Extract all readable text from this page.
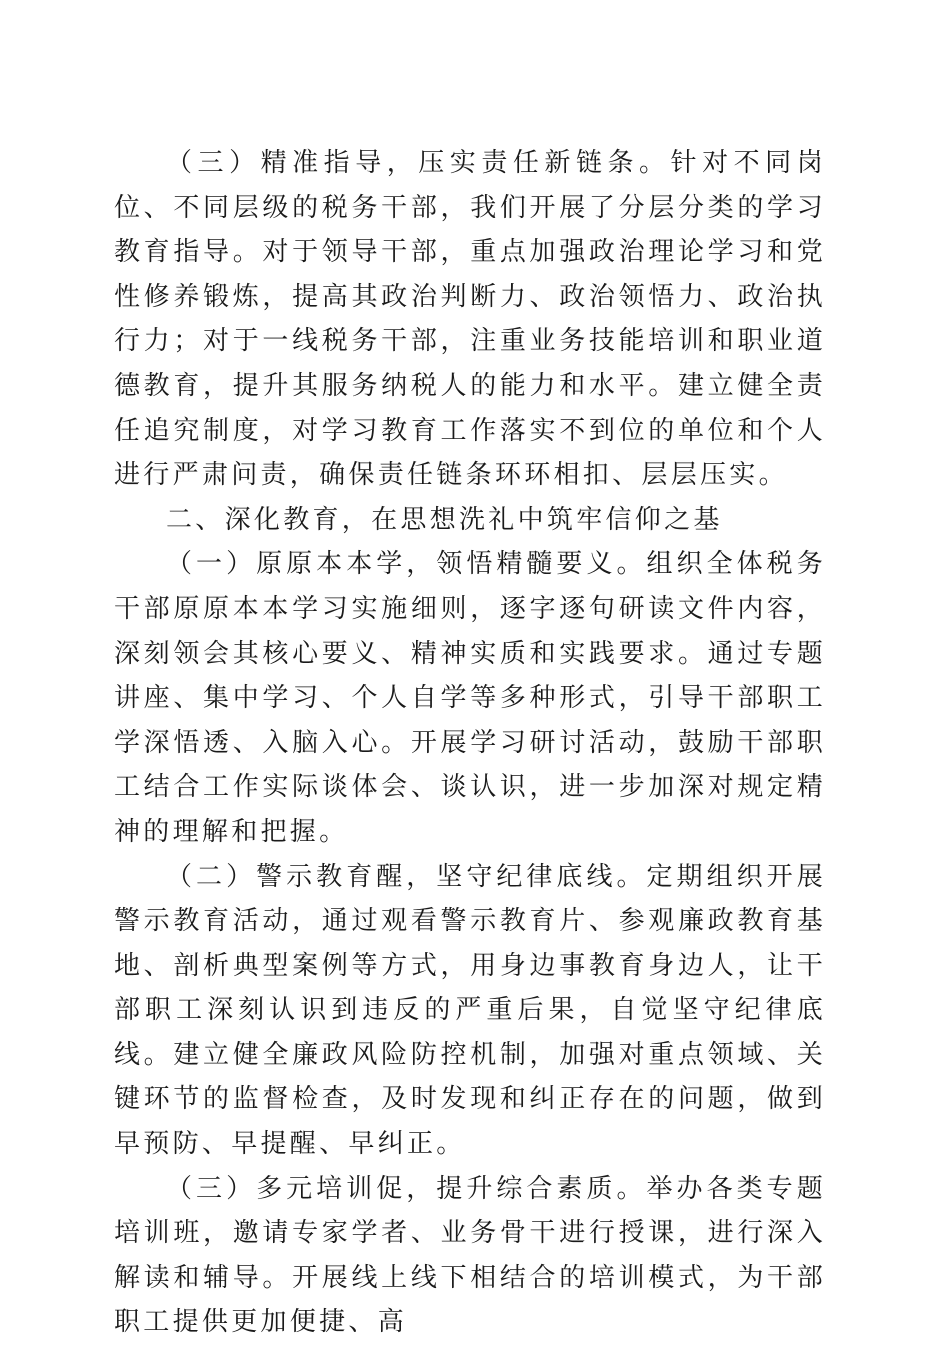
（三）精准指导，压实责任新链条。针对不同岗位、不同层级的税务干部，我们开展了分层分类的学习教育指导。对于领导干部，重点加强政治理论学习和党性修养锻炼，提高其政治判断力、政治领悟力、政治执行力；对于一线税务干部，注重业务技能培训和职业道德教育，提升其服务纳税人的能力和水平。建立健全责任追究制度，对学习教育工作落实不到位的单位和个人进行严肃问责，确保责任链条环环相扣、层层压实。

二、深化教育，在思想洗礼中筑牢信仰之基

（一）原原本本学，领悟精髓要义。组织全体税务干部原原本本学习实施细则，逐字逐句研读文件内容，深刻领会其核心要义、精神实质和实践要求。通过专题讲座、集中学习、个人自学等多种形式，引导干部职工学深悟透、入脑入心。开展学习研讨活动，鼓励干部职工结合工作实际谈体会、谈认识，进一步加深对规定精神的理解和把握。

（二）警示教育醒，坚守纪律底线。定期组织开展警示教育活动，通过观看警示教育片、参观廉政教育基地、剖析典型案例等方式，用身边事教育身边人，让干部职工深刻认识到违反的严重后果，自觉坚守纪律底线。建立健全廉政风险防控机制，加强对重点领域、关键环节的监督检查，及时发现和纠正存在的问题，做到早预防、早提醒、早纠正。

（三）多元培训促，提升综合素质。举办各类专题培训班，邀请专家学者、业务骨干进行授课，进行深入解读和辅导。开展线上线下相结合的培训模式，为干部职工提供更加便捷、高
